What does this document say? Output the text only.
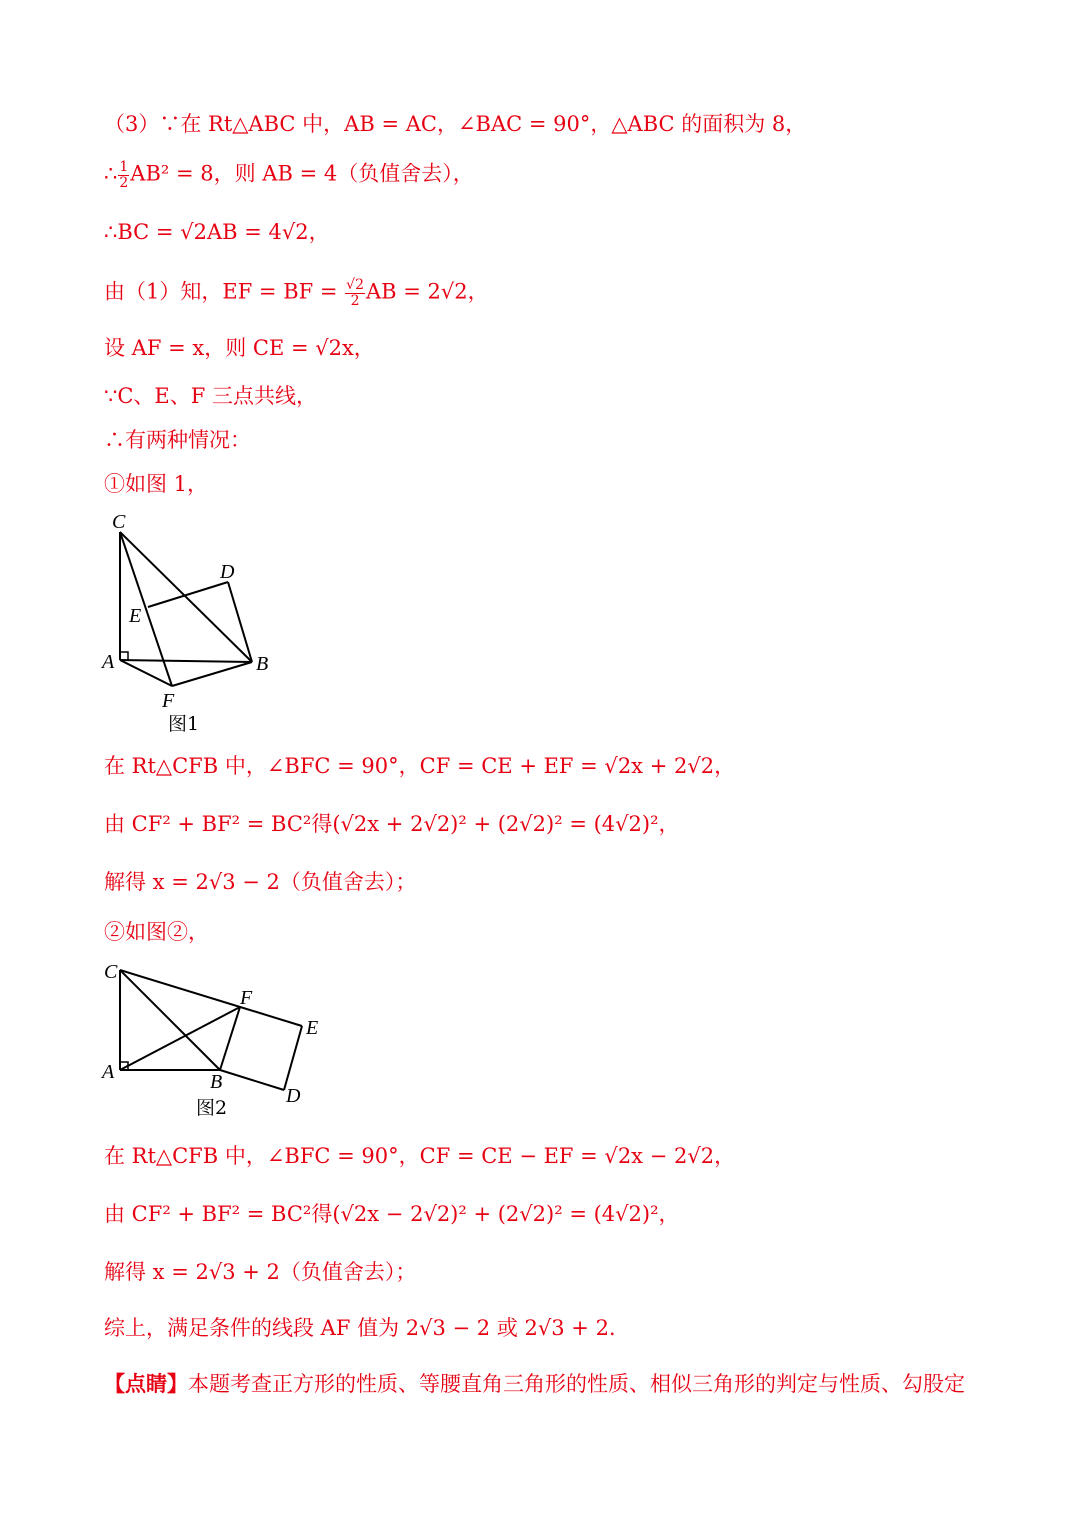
（3）∵在 Rt△ABC 中，AB = AC，∠BAC = 90°，△ABC 的面积为 8，
∴ $\frac{1}{2} AB^2 = 8$，则 AB = 4（负值舍去），
∴BC = √2AB = 4√2，
由（1）知，EF = BF = $\frac{√2}{2}$ AB = 2√2，
设 AF = x，则 CE = √2x，
∵C、E、F 三点共线，
∴有两种情况：
①如图 1，
C
D
E
A	B
F
图1
在 Rt△CFB 中，∠BFC = 90°，CF = CE + EF = √2x + 2√2，
由 CF² + BF² = BC²得(√2x + 2√2)² + (2√2)² = (4√2)²，
解得 x = 2√3 − 2（负值舍去）；
②如图②，
C
F
E
A	B
D
图2
在 Rt△CFB 中，∠BFC = 90°，CF = CE − EF = √2x − 2√2，
由 CF² + BF² = BC²得(√2x − 2√2)² + (2√2)² = (4√2)²，
解得 x = 2√3 + 2（负值舍去）；
综上，满足条件的线段 AF 值为 2√3 − 2 或 2√3 + 2.
【点睛】本题考查正方形的性质、等腰直角三角形的性质、相似三角形的判定与性质、勾股定
